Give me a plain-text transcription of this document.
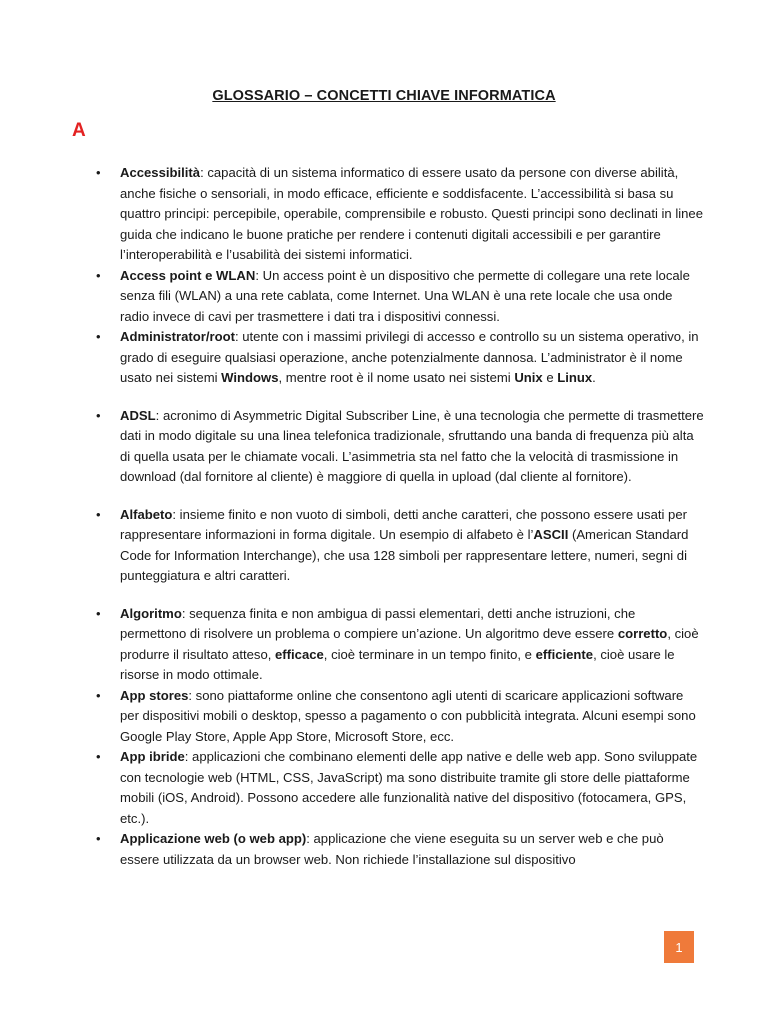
GLOSSARIO – CONCETTI CHIAVE INFORMATICA
A
• Accessibilità: capacità di un sistema informatico di essere usato da persone con diverse abilità, anche fisiche o sensoriali, in modo efficace, efficiente e soddisfacente. L’accessibilità si basa su quattro principi: percepibile, operabile, comprensibile e robusto. Questi principi sono declinati in linee guida che indicano le buone pratiche per rendere i contenuti digitali accessibili e per garantire l’interoperabilità e l’usabilità dei sistemi informatici.
• Access point e WLAN: Un access point è un dispositivo che permette di collegare una rete locale senza fili (WLAN) a una rete cablata, come Internet. Una WLAN è una rete locale che usa onde radio invece di cavi per trasmettere i dati tra i dispositivi connessi.
• Administrator/root: utente con i massimi privilegi di accesso e controllo su un sistema operativo, in grado di eseguire qualsiasi operazione, anche potenzialmente dannosa. L’administrator è il nome usato nei sistemi Windows, mentre root è il nome usato nei sistemi Unix e Linux.
• ADSL: acronimo di Asymmetric Digital Subscriber Line, è una tecnologia che permette di trasmettere dati in modo digitale su una linea telefonica tradizionale, sfruttando una banda di frequenza più alta di quella usata per le chiamate vocali. L’asimmetria sta nel fatto che la velocità di trasmissione in download (dal fornitore al cliente) è maggiore di quella in upload (dal cliente al fornitore).
• Alfabeto: insieme finito e non vuoto di simboli, detti anche caratteri, che possono essere usati per rappresentare informazioni in forma digitale. Un esempio di alfabeto è l’ASCII (American Standard Code for Information Interchange), che usa 128 simboli per rappresentare lettere, numeri, segni di punteggiatura e altri caratteri.
• Algoritmo: sequenza finita e non ambigua di passi elementari, detti anche istruzioni, che permettono di risolvere un problema o compiere un’azione. Un algoritmo deve essere corretto, cioè produrre il risultato atteso, efficace, cioè terminare in un tempo finito, e efficiente, cioè usare le risorse in modo ottimale.
• App stores: sono piattaforme online che consentono agli utenti di scaricare applicazioni software per dispositivi mobili o desktop, spesso a pagamento o con pubblicità integrata. Alcuni esempi sono Google Play Store, Apple App Store, Microsoft Store, ecc.
• App ibride: applicazioni che combinano elementi delle app native e delle web app. Sono sviluppate con tecnologie web (HTML, CSS, JavaScript) ma sono distribuite tramite gli store delle piattaforme mobili (iOS, Android). Possono accedere alle funzionalità native del dispositivo (fotocamera, GPS, etc.).
• Applicazione web (o web app): applicazione che viene eseguita su un server web e che può essere utilizzata da un browser web. Non richiede l’installazione sul dispositivo
1
